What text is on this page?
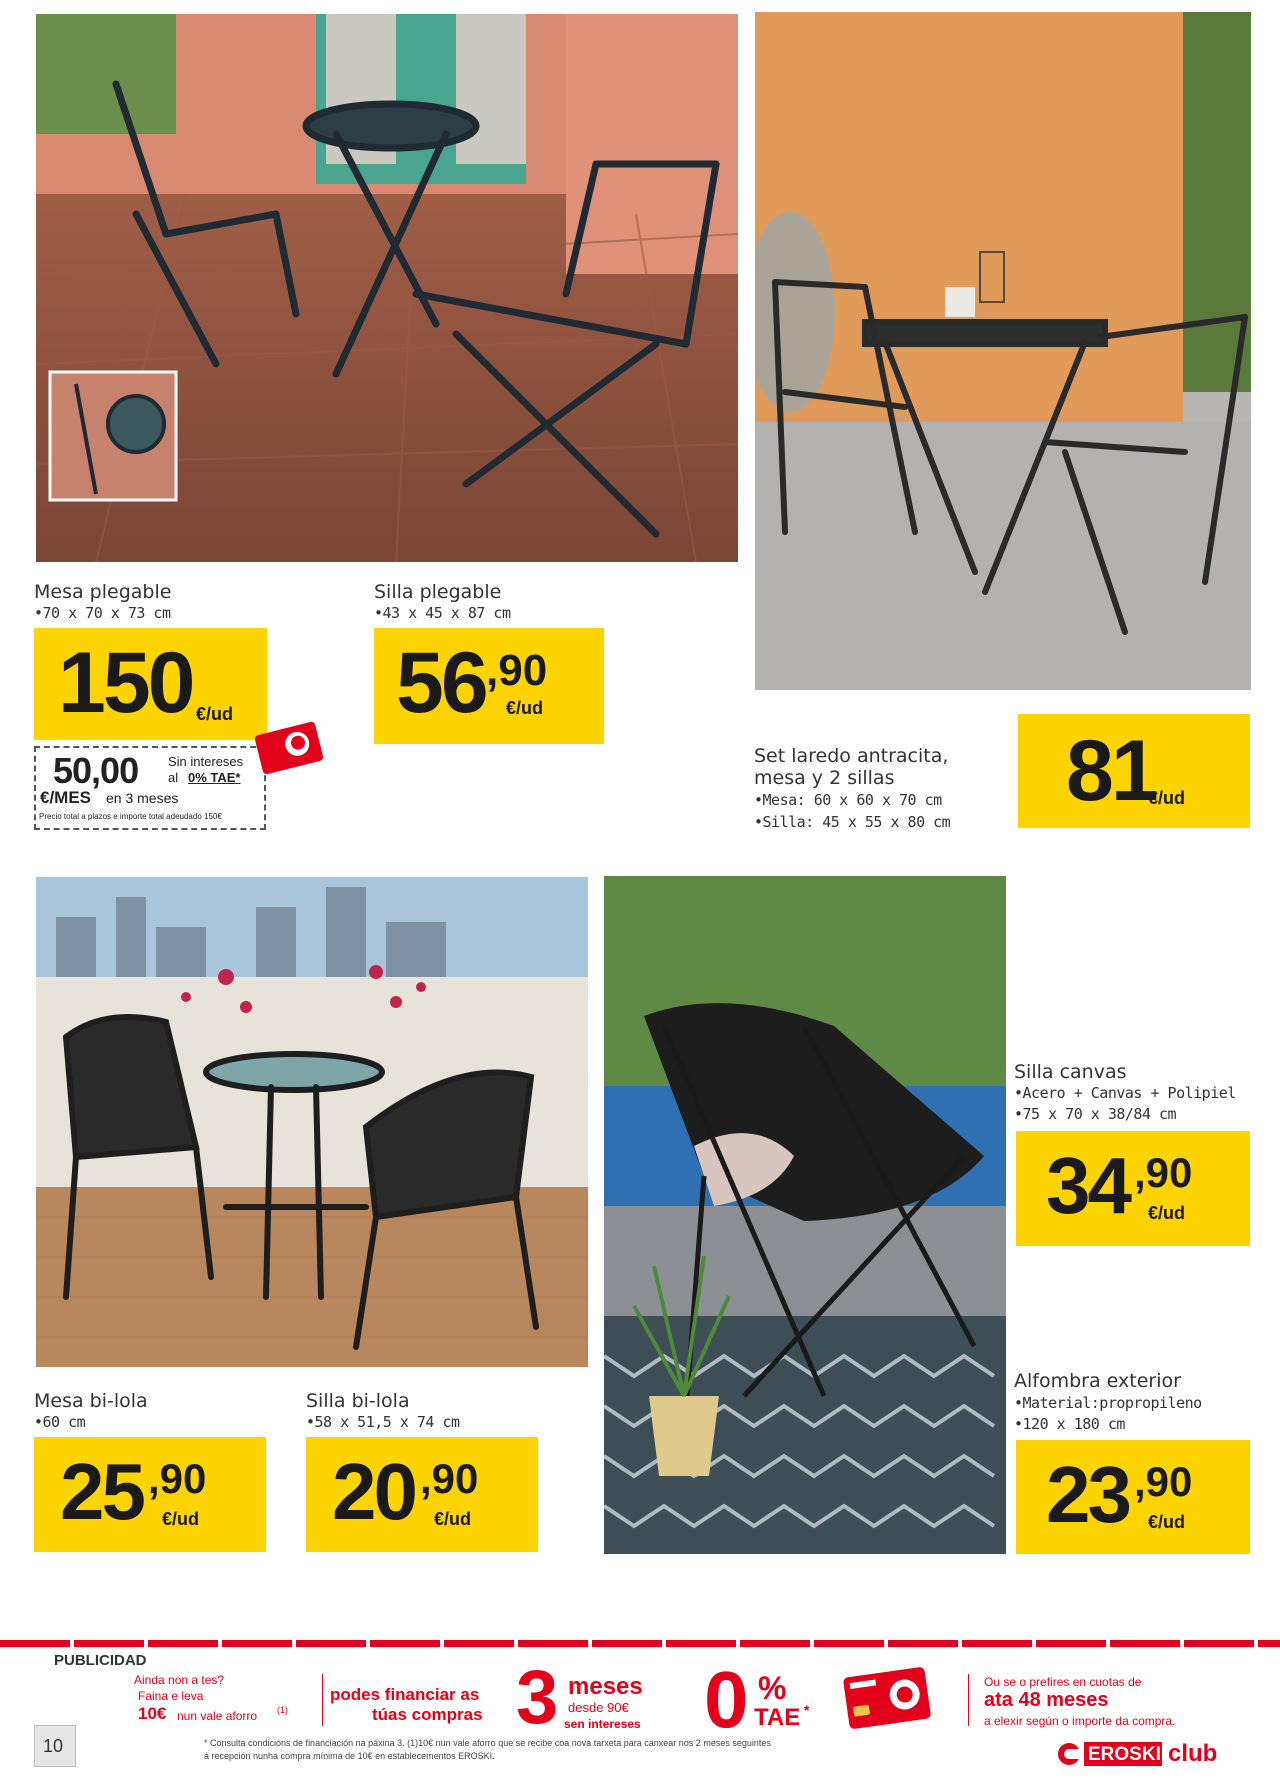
Mesa plegable
•70 x 70 x 73 cm
150 €/ud
50,00 Sin intereses
al 0% TAE*
€/MES en 3 meses
Precio total a plazos e importe total adeudado 150€
Silla plegable
•43 x 45 x 87 cm
56 ,90
€/ud
Set laredo antracita,
mesa y 2 sillas
•Mesa: 60 x 60 x 70 cm
•Silla: 45 x 55 x 80 cm
81
€/ud
Mesa bi-lola
•60 cm
25 ,90
€/ud
Silla bi-lola
•58 x 51,5 x 74 cm
20 ,90
€/ud
Silla canvas
•Acero + Canvas + Polipiel
•75 x 70 x 38/84 cm
34 ,90
€/ud
Alfombra exterior
•Material:propropileno
•120 x 180 cm
23 ,90
€/ud
PUBLICIDAD
Ainda non a tes?
Faina e leva
10€ nun vale aforro (1)
podes financiar as
túas compras 3 meses
desde 90€
sen intereses 0 %
TAE *
Ou se o prefires en cuotas de
ata 48 meses
a elexir según o importe da compra.
* Consulta condicións de financiación na páxina 3. (1)10€ nun vale aforro que se recibe coa nova tarxeta para canxear nos 2 meses seguintes
á recepción nunha compra mínima de 10€ en establecementos EROSKI.
10	EROSKI club
